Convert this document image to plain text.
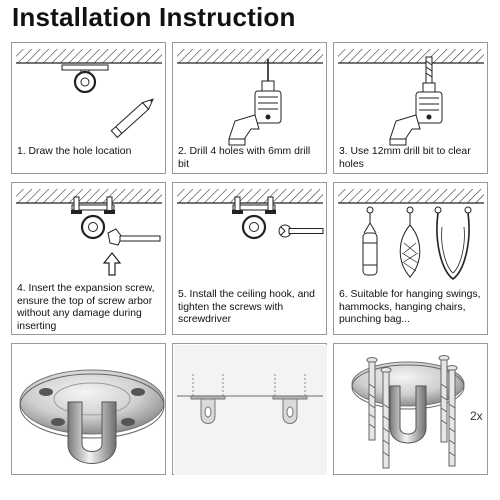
Installation Instruction
1. Draw the hole location	2. Drill 4 holes with 6mm drill bit
3. Use 12mm drill bit to clear holes
4. Insert the expansion screw, ensure the top of screw arbor without any damage during inserting
5. Install the ceiling hook, and tighten the screws with screwdriver
6. Suitable for hanging swings, hammocks, hanging chairs, punching bag...
2x
